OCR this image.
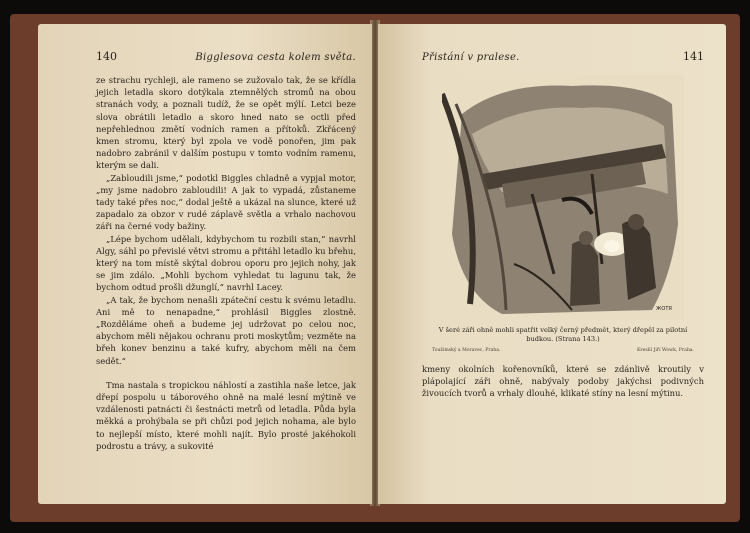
140	Bigglesova cesta kolem světa.

ze strachu rychleji, ale rameno se zužovalo tak, že se křídla jejich letadla skoro dotýkala ztemnělých stromů na obou stranách vody, a poznali tudíž, že se opět mýlí. Letci beze slova obrátili letadlo a skoro hned nato se octli před nepřehlednou změtí vodních ramen a přítoků. Zkřácený kmen stromu, který byl zpola ve vodě ponořen, jim pak nadobro zabránil v dalším postupu v tomto vodním ramenu, kterým se dali.

„Zabloudili jsme,“ podotkl Biggles chladně a vypjal motor, „my jsme nadobro zabloudili! A jak to vypadá, zůstaneme tady také přes noc,“ dodal ještě a ukázal na slunce, které už zapadalo za obzor v rudé záplavě světla a vrhalo nachovou záři na černé vody bažiny.

„Lépe bychom udělali, kdybychom tu rozbili stan,“ navrhl Algy, sáhl po převislé větvi stromu a přitáhl letadlo ku břehu, který na tom místě skýtal dobrou oporu pro jejich nohy, jak se jim zdálo. „Mohli bychom vyhledat tu lagunu tak, že bychom odtud prošli džunglí,“ navrhl Lacey.

„A tak, že bychom nenašli zpáteční cestu k svému letadlu. Ani mě to nenapadne,“ prohlásil Biggles zlostně. „Rozděláme oheň a budeme jej udržovat po celou noc, abychom měli nějakou ochranu proti moskytům; vezměte na břeh konev benzinu a také kufry, abychom měli na čem sedět.“

Tma nastala s tropickou náhlostí a zastihla naše letce, jak dřepí pospolu u táborového ohně na malé lesní mýtině ve vzdálenosti patnácti či šestnácti metrů od letadla. Půda byla měkká a prohýbala se při chůzi pod jejich nohama, ale bylo to nejlepší místo, které mohli najít. Bylo prosté jakéhokoli podrostu a trávy, a sukovité

Přistání v pralese.	141
ЖОТЯ
V šeré záři ohně mohli spatřit velký černý předmět, který dřepěl za pilotní budkou. (Strana 143.)
Toužimský a Moravec, Praha.	Kreslil Jiří Wowk, Praha.

kmeny okolních kořenovníků, které se zdánlivě kroutily v plápolající záři ohně, nabývaly podoby jakýchsi podivných živoucích tvorů a vrhaly dlouhé, klikaté stíny na lesní mýtinu.
